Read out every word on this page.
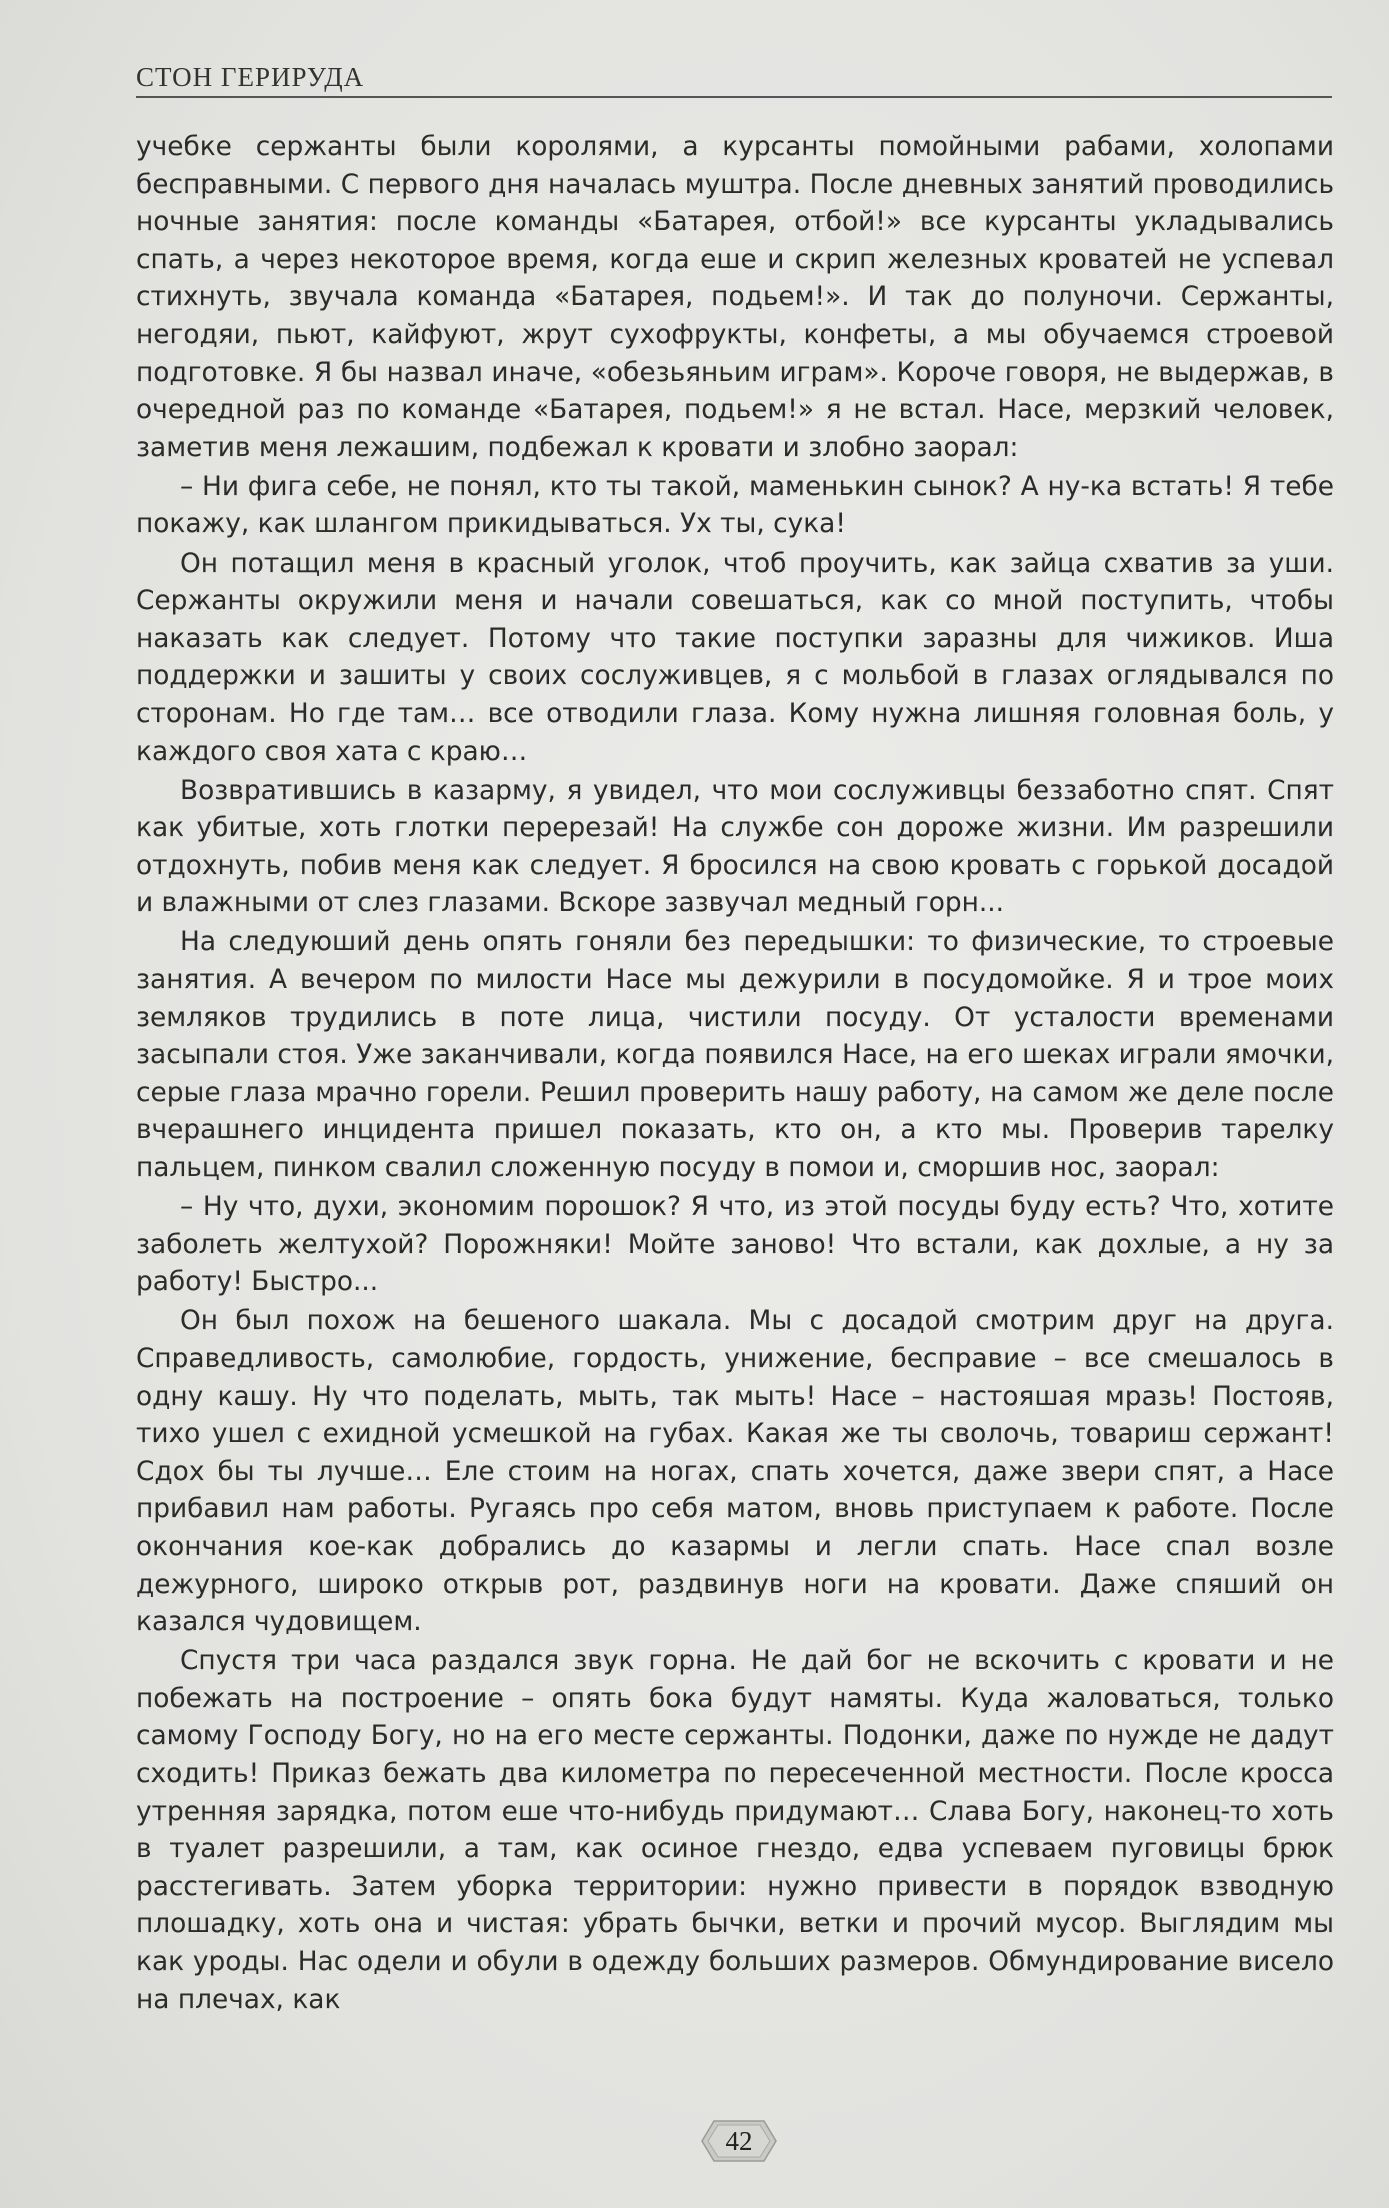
СТОН ГЕРИРУДА

учебке сержанты были королями, а курсанты помойными рабами, холопами бесправными. С первого дня началась муштра. После дневных занятий проводились ночные занятия: после команды «Батарея, отбой!» все курсанты укладывались спать, а через некоторое время, когда еше и скрип железных кроватей не успевал стихнуть, звучала команда «Батарея, подьем!». И так до полуночи. Сержанты, негодяи, пьют, кайфуют, жрут сухофрукты, конфеты, а мы обучаемся строевой подготовке. Я бы назвал иначе, «обезьяньим играм». Короче говоря, не выдержав, в очередной раз по команде «Батарея, подьем!» я не встал. Насе, мерзкий человек, заметив меня лежашим, подбежал к кровати и злобно заорал:

– Ни фига себе, не понял, кто ты такой, маменькин сынок? А ну-ка встать! Я тебе покажу, как шлангом прикидываться. Ух ты, сука!

Он потащил меня в красный уголок, чтоб проучить, как зайца схватив за уши. Сержанты окружили меня и начали совешаться, как со мной поступить, чтобы наказать как следует. Потому что такие поступки заразны для чижиков. Иша поддержки и зашиты у своих сослуживцев, я с мольбой в глазах оглядывался по сторонам. Но где там… все отводили глаза. Кому нужна лишняя головная боль, у каждого своя хата с краю…

Возвратившись в казарму, я увидел, что мои сослуживцы беззаботно спят. Спят как убитые, хоть глотки перерезай! На службе сон дороже жизни. Им разрешили отдохнуть, побив меня как следует. Я бросился на свою кровать с горькой досадой и влажными от слез глазами. Вскоре зазвучал медный горн...

На следуюший день опять гоняли без передышки: то физические, то строевые занятия. А вечером по милости Насе мы дежурили в посудомойке. Я и трое моих земляков трудились в поте лица, чистили посуду. От усталости временами засыпали стоя. Уже заканчивали, когда появился Насе, на его шеках играли ямочки, серые глаза мрачно горели. Решил проверить нашу работу, на самом же деле после вчерашнего инцидента пришел показать, кто он, а кто мы. Проверив тарелку пальцем, пинком свалил сложенную посуду в помои и, сморшив нос, заорал:

– Ну что, духи, экономим порошок? Я что, из этой посуды буду есть? Что, хотите заболеть желтухой? Порожняки! Мойте заново! Что встали, как дохлые, а ну за работу! Быстро...

Он был похож на бешеного шакала. Мы с досадой смотрим друг на друга. Справедливость, самолюбие, гордость, унижение, бесправие – все смешалось в одну кашу. Ну что поделать, мыть, так мыть! Насе – настояшая мразь! Постояв, тихо ушел с ехидной усмешкой на губах. Какая же ты сволочь, товариш сержант! Сдох бы ты лучше… Еле стоим на ногах, спать хочется, даже звери спят, а Насе прибавил нам работы. Ругаясь про себя матом, вновь приступаем к работе. После окончания кое-как добрались до казармы и легли спать. Насе спал возле дежурного, широко открыв рот, раздвинув ноги на кровати. Даже спяший он казался чудовищем.

Спустя три часа раздался звук горна. Не дай бог не вскочить с кровати и не побежать на построение – опять бока будут намяты. Куда жаловаться, только самому Господу Богу, но на его месте сержанты. Подонки, даже по нужде не дадут сходить! Приказ бежать два километра по пересеченной местности. После кросса утренняя зарядка, потом еше что-нибудь придумают… Слава Богу, наконец-то хоть в туалет разрешили, а там, как осиное гнездо, едва успеваем пуговицы брюк расстегивать. Затем уборка территории: нужно привести в порядок взводную плошадку, хоть она и чистая: убрать бычки, ветки и прочий мусор. Выглядим мы как уроды. Нас одели и обули в одежду больших размеров. Обмундирование висело на плечах, как

42
